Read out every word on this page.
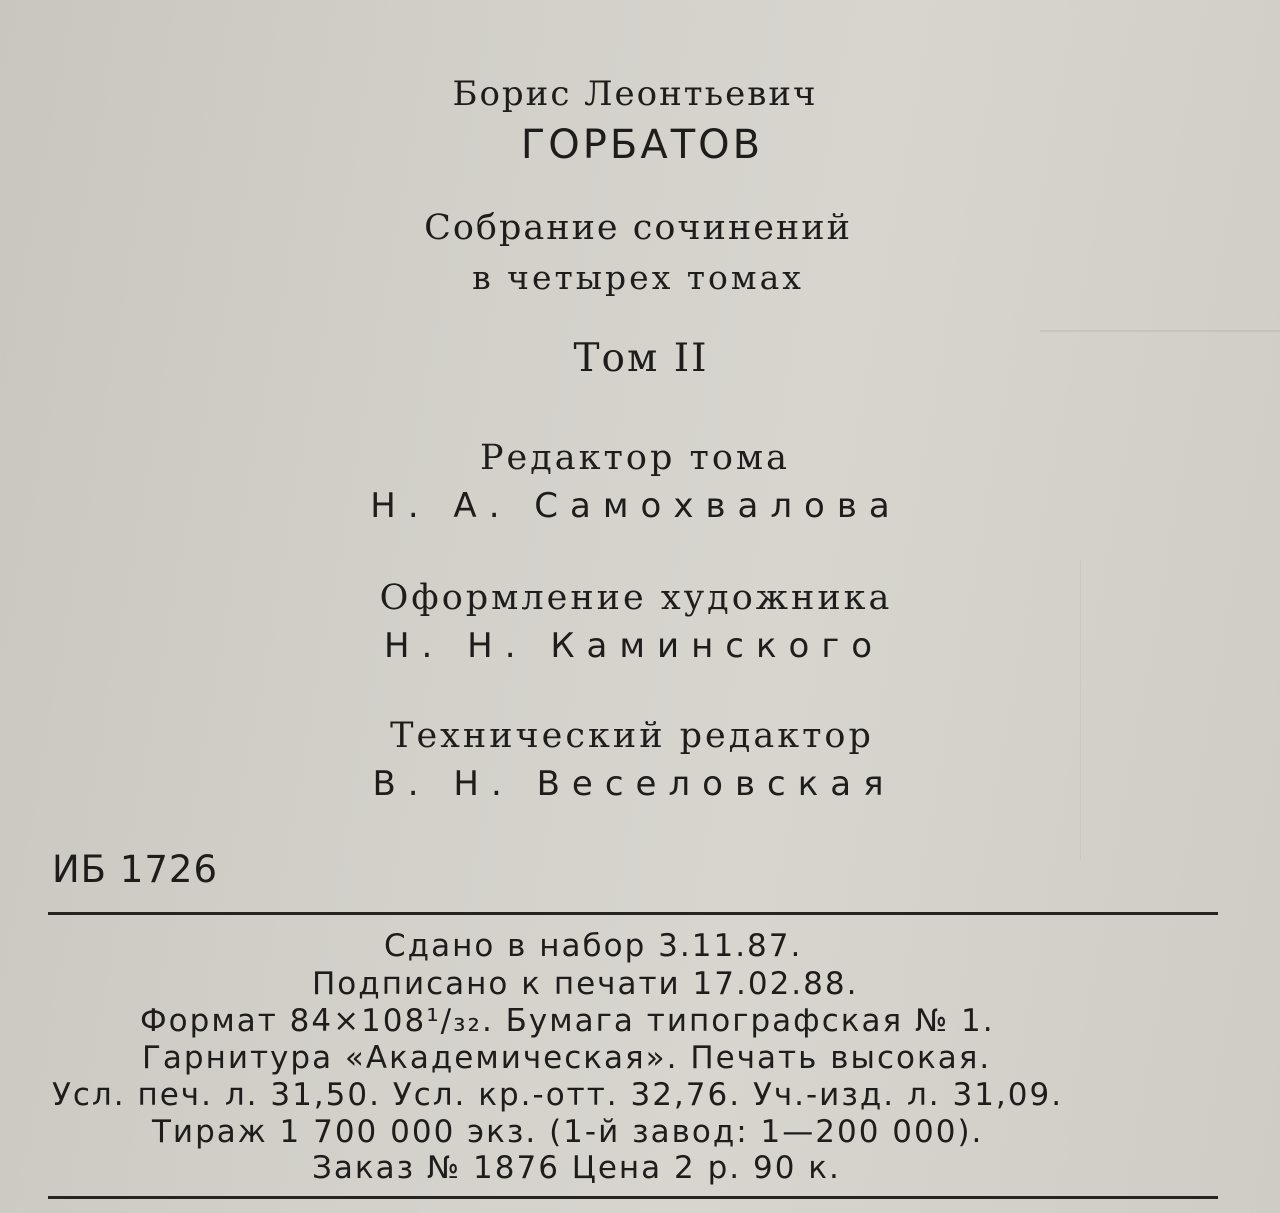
Борис Леонтьевич
ГОРБАТОВ
Собрание сочинений
в четырех томах
Том II
Редактор тома
Н. А. Самохвалова
Оформление художника
Н. Н. Каминского
Технический редактор
В. Н. Веселовская
ИБ 1726
Сдано в набор 3.11.87.
Подписано к печати 17.02.88.
Формат 84×108¹/₃₂. Бумага типографская № 1.
Гарнитура «Академическая». Печать высокая.
Усл. печ. л. 31,50. Усл. кр.-отт. 32,76. Уч.-изд. л. 31,09.
Тираж 1 700 000 экз. (1-й завод: 1—200 000).
Заказ № 1876 Цена 2 р. 90 к.
